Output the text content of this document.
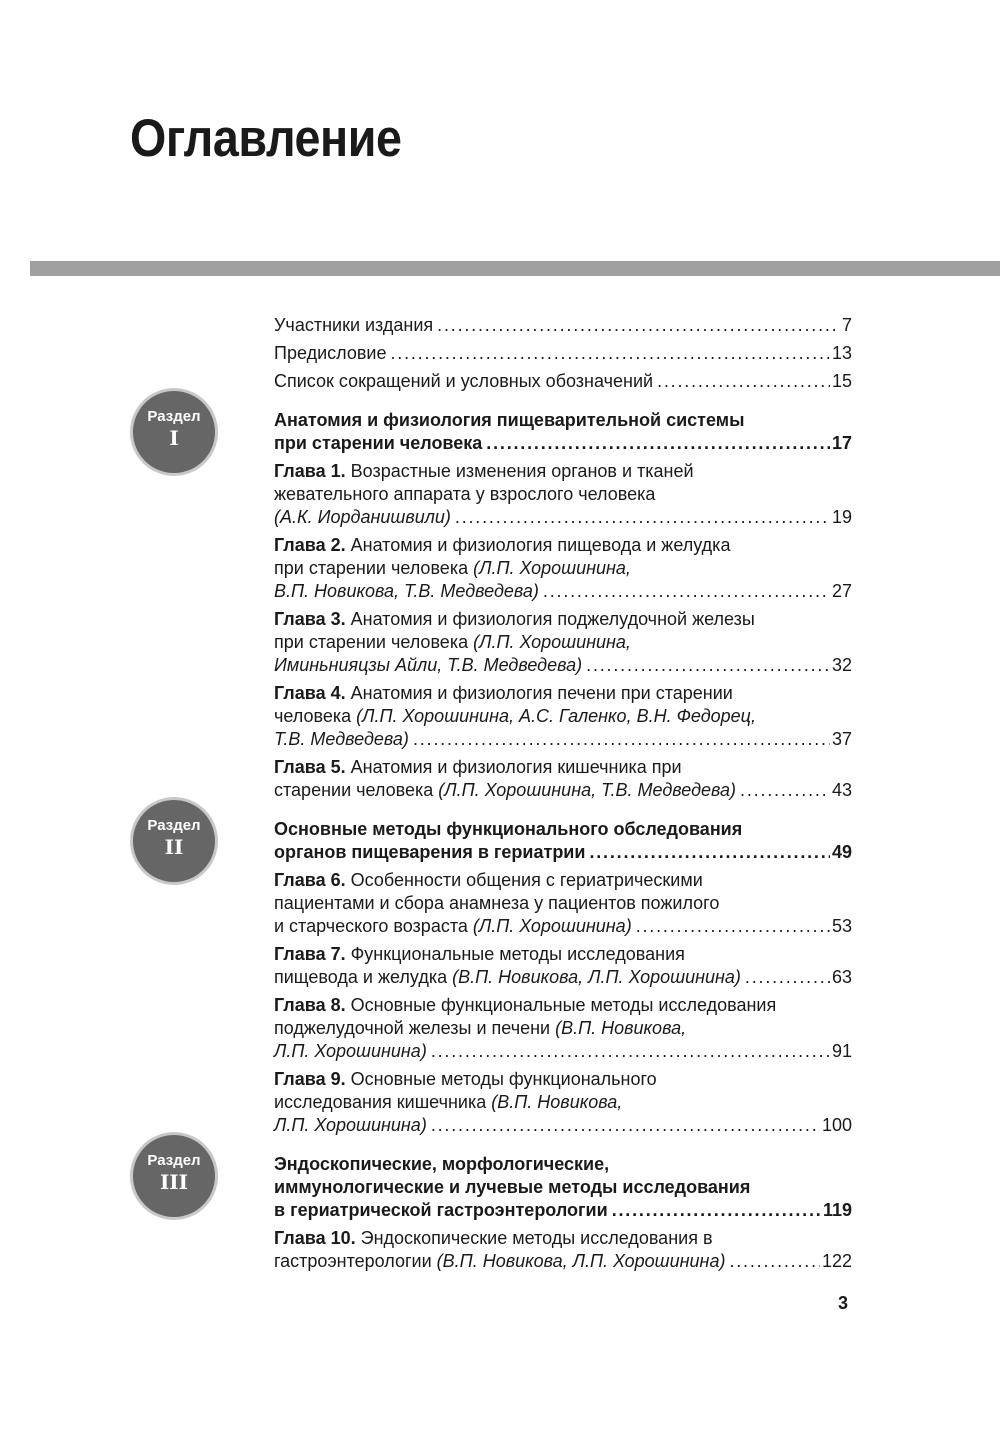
Оглавление
Участники издания . . .	7
Предисловие . . .	13
Список сокращений и условных обозначений . . .	15
Анатомия и физиология пищеварительной системы
при старении человека . . .	17
Глава 1. Возрастные изменения органов и тканей
жевательного аппарата у взрослого человека
(А.К. Иорданишвили) . . .	19
Глава 2. Анатомия и физиология пищевода и желудка
при старении человека (Л.П. Хорошинина,
В.П. Новикова, Т.В. Медведева) . . .	27
Глава 3. Анатомия и физиология поджелудочной железы
при старении человека (Л.П. Хорошинина,
Иминьнияцзы Айли, Т.В. Медведева) . . .	32
Глава 4. Анатомия и физиология печени при старении
человека (Л.П. Хорошинина, А.С. Галенко, В.Н. Федорец,
Т.В. Медведева) . . .	37
Глава 5. Анатомия и физиология кишечника при
старении человека (Л.П. Хорошинина, Т.В. Медведева) . . .	43
Основные методы функционального обследования
органов пищеварения в гериатрии . . .	49
Глава 6. Особенности общения с гериатрическими
пациентами и сбора анамнеза у пациентов пожилого
и старческого возраста (Л.П. Хорошинина) . . .	53
Глава 7. Функциональные методы исследования
пищевода и желудка (В.П. Новикова, Л.П. Хорошинина) . . .	63
Глава 8. Основные функциональные методы исследования
поджелудочной железы и печени (В.П. Новикова,
Л.П. Хорошинина) . . .	91
Глава 9. Основные методы функционального
исследования кишечника (В.П. Новикова,
Л.П. Хорошинина) . . .	100
Эндоскопические, морфологические,
иммунологические и лучевые методы исследования
в гериатрической гастроэнтерологии . . .	119
Глава 10. Эндоскопические методы исследования в
гастроэнтерологии (В.П. Новикова, Л.П. Хорошинина) . . .	122
Раздел
I
Раздел
II
Раздел
III
3
